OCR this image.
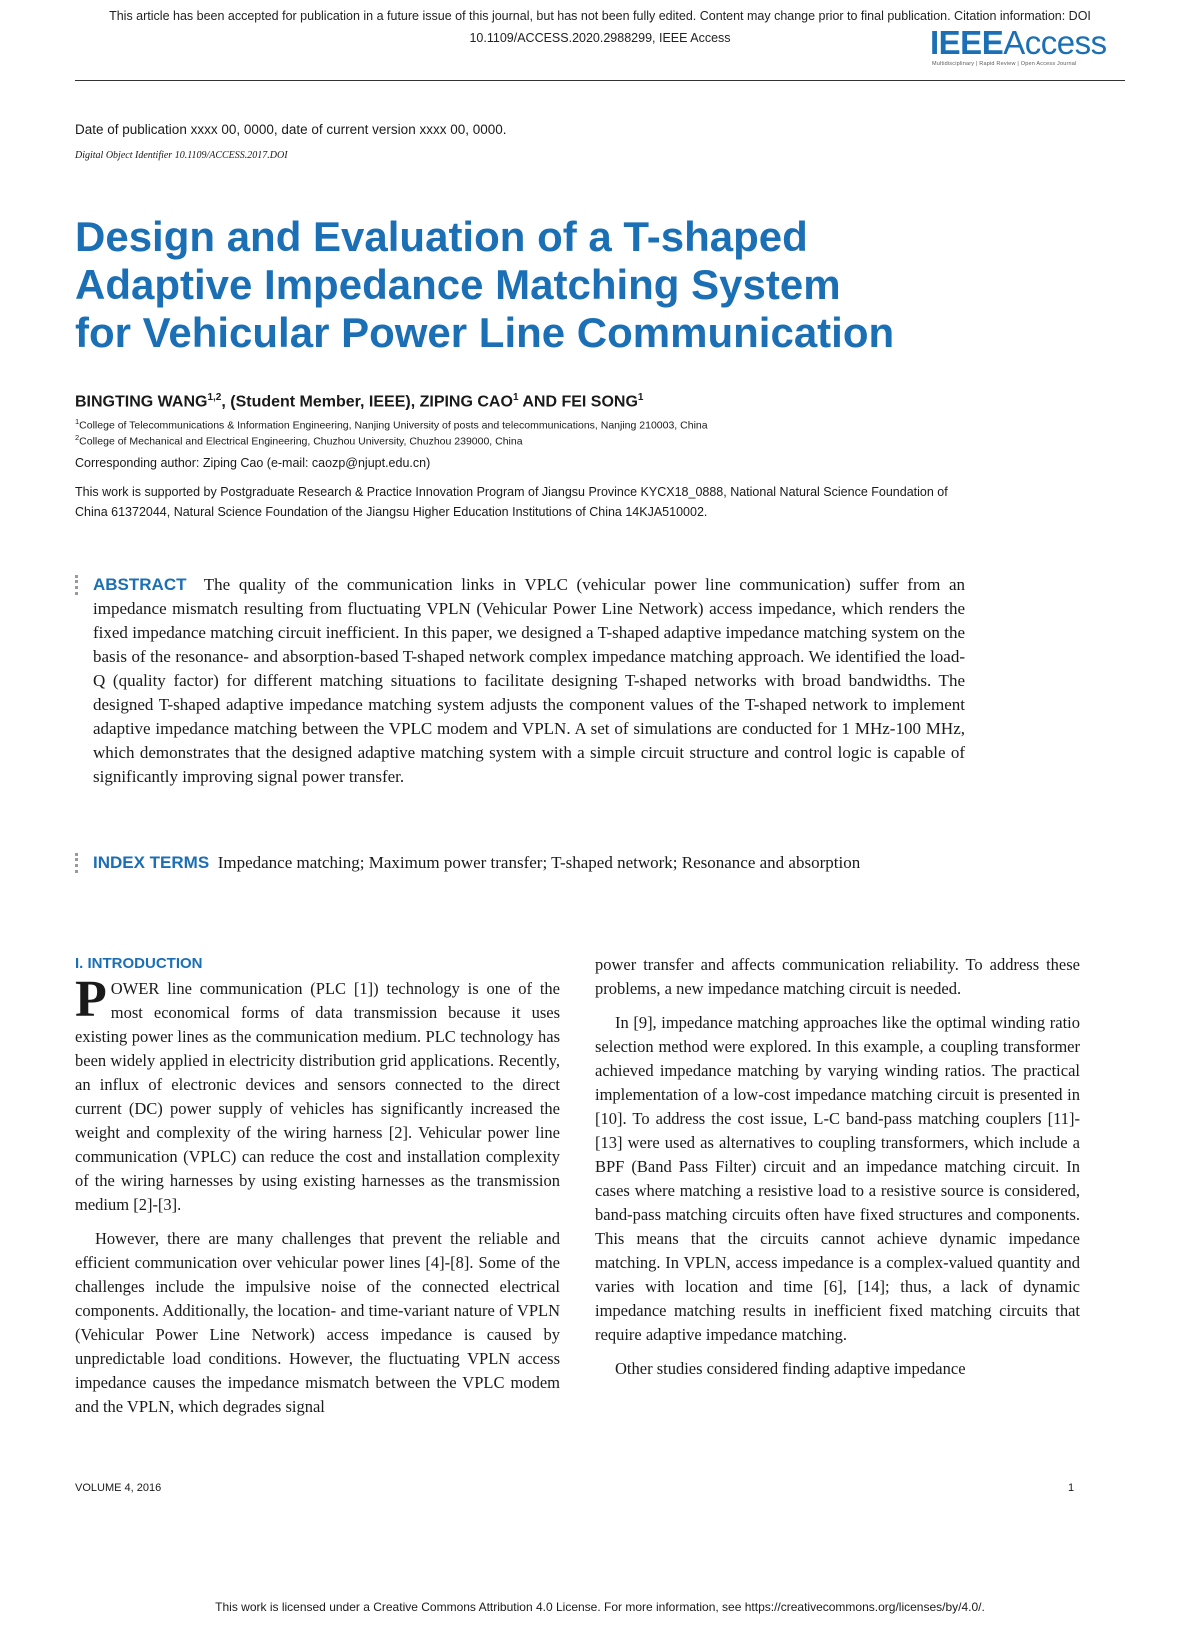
This article has been accepted for publication in a future issue of this journal, but has not been fully edited. Content may change prior to final publication. Citation information: DOI
10.1109/ACCESS.2020.2988299, IEEE Access	IEEEAccess
Multidisciplinary | Rapid Review | Open Access Journal
Date of publication xxxx 00, 0000, date of current version xxxx 00, 0000.
Digital Object Identifier 10.1109/ACCESS.2017.DOI
Design and Evaluation of a T-shaped
Adaptive Impedance Matching System
for Vehicular Power Line Communication
BINGTING WANG$^{1,2}$, (Student Member, IEEE), ZIPING CAO$^1$ AND FEI SONG$^1$
$^1$College of Telecommunications & Information Engineering, Nanjing University of posts and telecommunications, Nanjing 210003, China
$^2$College of Mechanical and Electrical Engineering, Chuzhou University, Chuzhou 239000, China
Corresponding author: Ziping Cao (e-mail: caozp@njupt.edu.cn)
This work is supported by Postgraduate Research & Practice Innovation Program of Jiangsu Province KYCX18_0888, National Natural Science Foundation of China 61372044, Natural Science Foundation of the Jiangsu Higher Education Institutions of China 14KJA510002.
ABSTRACT The quality of the communication links in VPLC (vehicular power line communication) suffer from an impedance mismatch resulting from fluctuating VPLN (Vehicular Power Line Network) access impedance, which renders the fixed impedance matching circuit inefficient. In this paper, we designed a T-shaped adaptive impedance matching system on the basis of the resonance- and absorption-based T-shaped network complex impedance matching approach. We identified the load-Q (quality factor) for different matching situations to facilitate designing T-shaped networks with broad bandwidths. The designed T-shaped adaptive impedance matching system adjusts the component values of the T-shaped network to implement adaptive impedance matching between the VPLC modem and VPLN. A set of simulations are conducted for 1 MHz-100 MHz, which demonstrates that the designed adaptive matching system with a simple circuit structure and control logic is capable of significantly improving signal power transfer.
INDEX TERMS Impedance matching; Maximum power transfer; T-shaped network; Resonance and absorption
I. INTRODUCTION

POWER line communication (PLC [1]) technology is one of the most economical forms of data transmission because it uses existing power lines as the communication medium. PLC technology has been widely applied in electricity distribution grid applications. Recently, an influx of electronic devices and sensors connected to the direct current (DC) power supply of vehicles has significantly increased the weight and complexity of the wiring harness [2]. Vehicular power line communication (VPLC) can reduce the cost and installation complexity of the wiring harnesses by using existing harnesses as the transmission medium [2]-[3].

However, there are many challenges that prevent the reliable and efficient communication over vehicular power lines [4]-[8]. Some of the challenges include the impulsive noise of the connected electrical components. Additionally, the location- and time-variant nature of VPLN (Vehicular Power Line Network) access impedance is caused by unpredictable load conditions. However, the fluctuating VPLN access impedance causes the impedance mismatch between the VPLC modem and the VPLN, which degrades signal

power transfer and affects communication reliability. To address these problems, a new impedance matching circuit is needed.

In [9], impedance matching approaches like the optimal winding ratio selection method were explored. In this example, a coupling transformer achieved impedance matching by varying winding ratios. The practical implementation of a low-cost impedance matching circuit is presented in [10]. To address the cost issue, L-C band-pass matching couplers [11]-[13] were used as alternatives to coupling transformers, which include a BPF (Band Pass Filter) circuit and an impedance matching circuit. In cases where matching a resistive load to a resistive source is considered, band-pass matching circuits often have fixed structures and components. This means that the circuits cannot achieve dynamic impedance matching. In VPLN, access impedance is a complex-valued quantity and varies with location and time [6], [14]; thus, a lack of dynamic impedance matching results in inefficient fixed matching circuits that require adaptive impedance matching.

Other studies considered finding adaptive impedance

VOLUME 4, 2016	1
This work is licensed under a Creative Commons Attribution 4.0 License. For more information, see https://creativecommons.org/licenses/by/4.0/.
